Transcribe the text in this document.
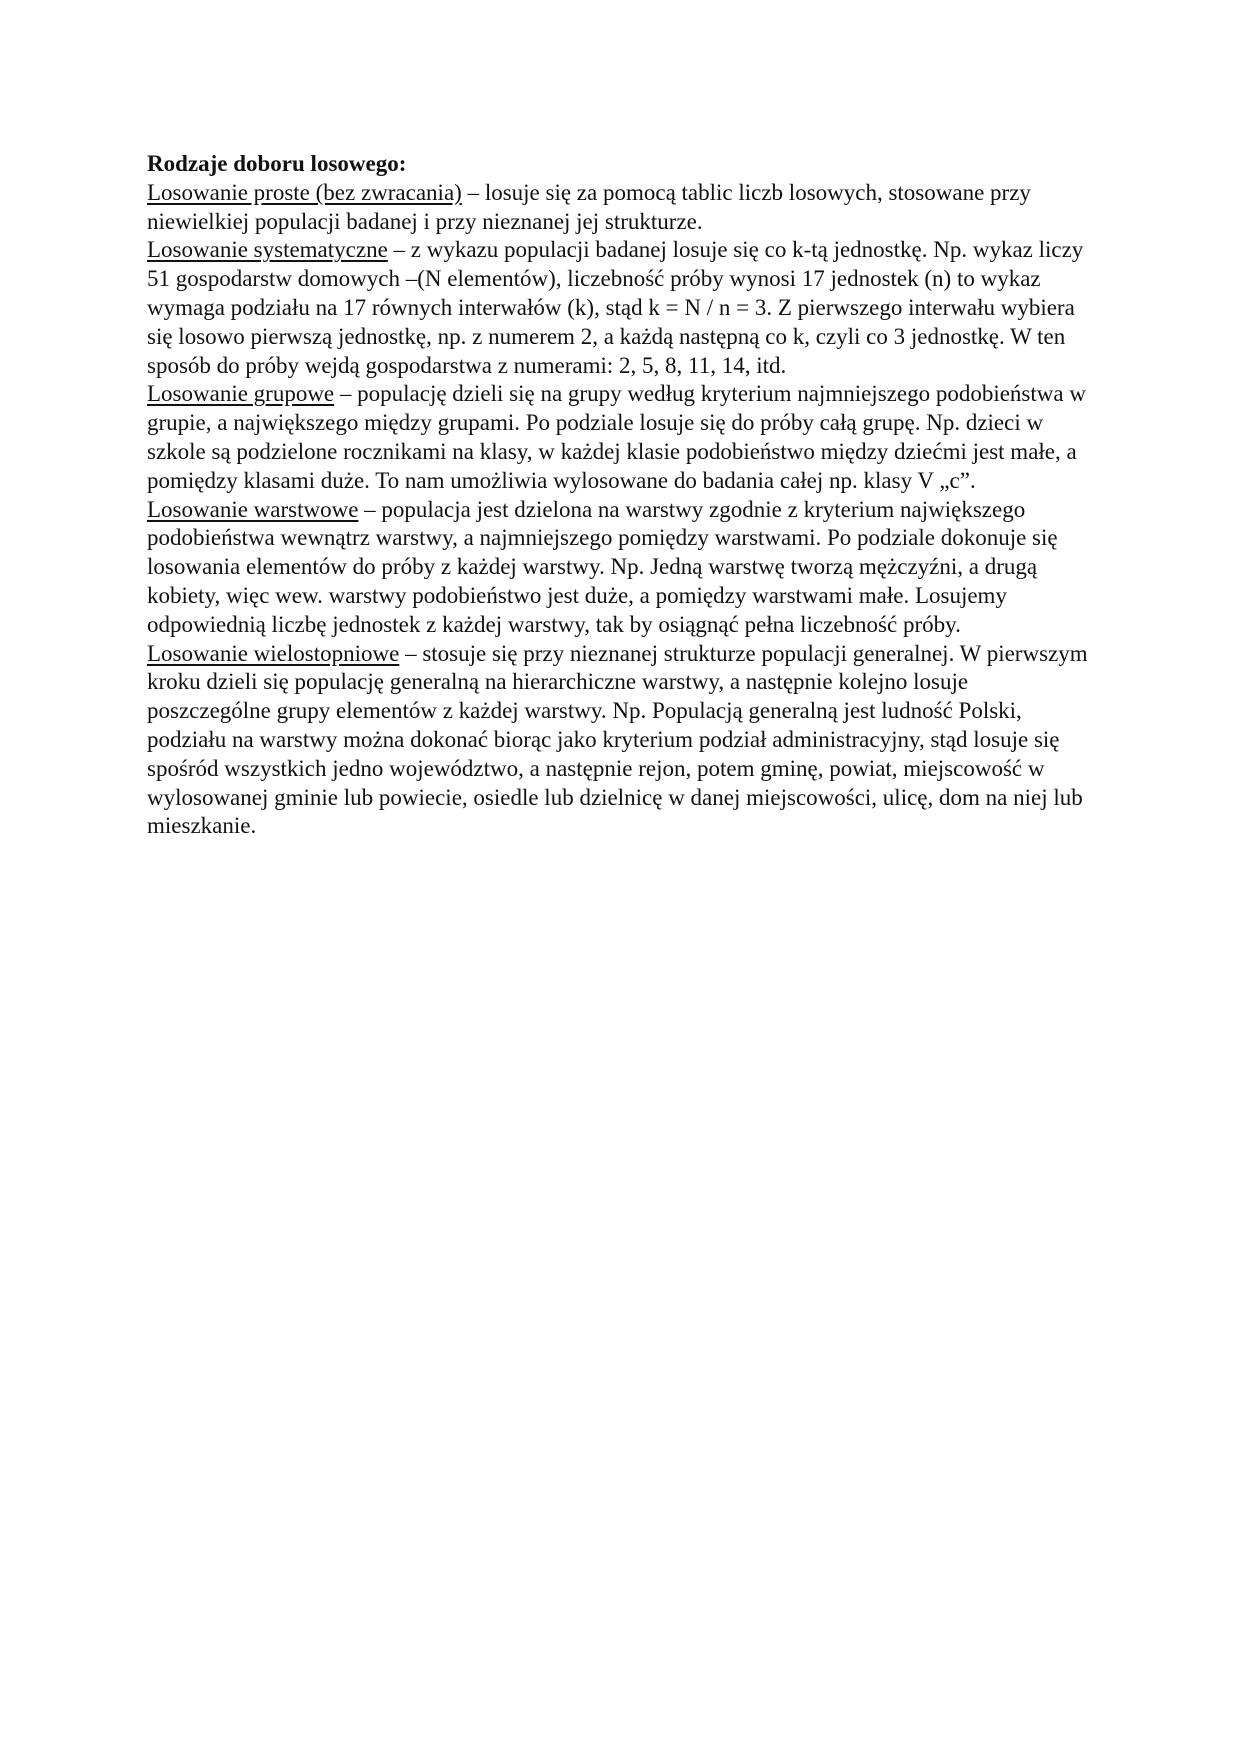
Rodzaje doboru losowego:

Losowanie proste (bez zwracania) – losuje się za pomocą tablic liczb losowych, stosowane przy niewielkiej populacji badanej i przy nieznanej jej strukturze.

Losowanie systematyczne – z wykazu populacji badanej losuje się co k-tą jednostkę. Np. wykaz liczy 51 gospodarstw domowych –(N elementów), liczebność próby wynosi 17 jednostek (n) to wykaz wymaga podziału na 17 równych interwałów (k), stąd k = N / n = 3. Z pierwszego interwału wybiera się losowo pierwszą jednostkę, np. z numerem 2, a każdą następną co k, czyli co 3 jednostkę. W ten sposób do próby wejdą gospodarstwa z numerami: 2, 5, 8, 11, 14, itd.

Losowanie grupowe – populację dzieli się na grupy według kryterium najmniejszego podobieństwa w grupie, a największego między grupami. Po podziale losuje się do próby całą grupę. Np. dzieci w szkole są podzielone rocznikami na klasy, w każdej klasie podobieństwo między dziećmi jest małe, a pomiędzy klasami duże. To nam umożliwia wylosowane do badania całej np. klasy V „c”.

Losowanie warstwowe – populacja jest dzielona na warstwy zgodnie z kryterium największego podobieństwa wewnątrz warstwy, a najmniejszego pomiędzy warstwami. Po podziale dokonuje się losowania elementów do próby z każdej warstwy. Np. Jedną warstwę tworzą mężczyźni, a drugą kobiety, więc wew. warstwy podobieństwo jest duże, a pomiędzy warstwami małe. Losujemy odpowiednią liczbę jednostek z każdej warstwy, tak by osiągnąć pełna liczebność próby.

Losowanie wielostopniowe – stosuje się przy nieznanej strukturze populacji generalnej. W pierwszym kroku dzieli się populację generalną na hierarchiczne warstwy, a następnie kolejno losuje poszczególne grupy elementów z każdej warstwy. Np. Populacją generalną jest ludność Polski, podziału na warstwy można dokonać biorąc jako kryterium podział administracyjny, stąd losuje się spośród wszystkich jedno województwo, a następnie rejon, potem gminę, powiat, miejscowość w wylosowanej gminie lub powiecie, osiedle lub dzielnicę w danej miejscowości, ulicę, dom na niej lub mieszkanie.
